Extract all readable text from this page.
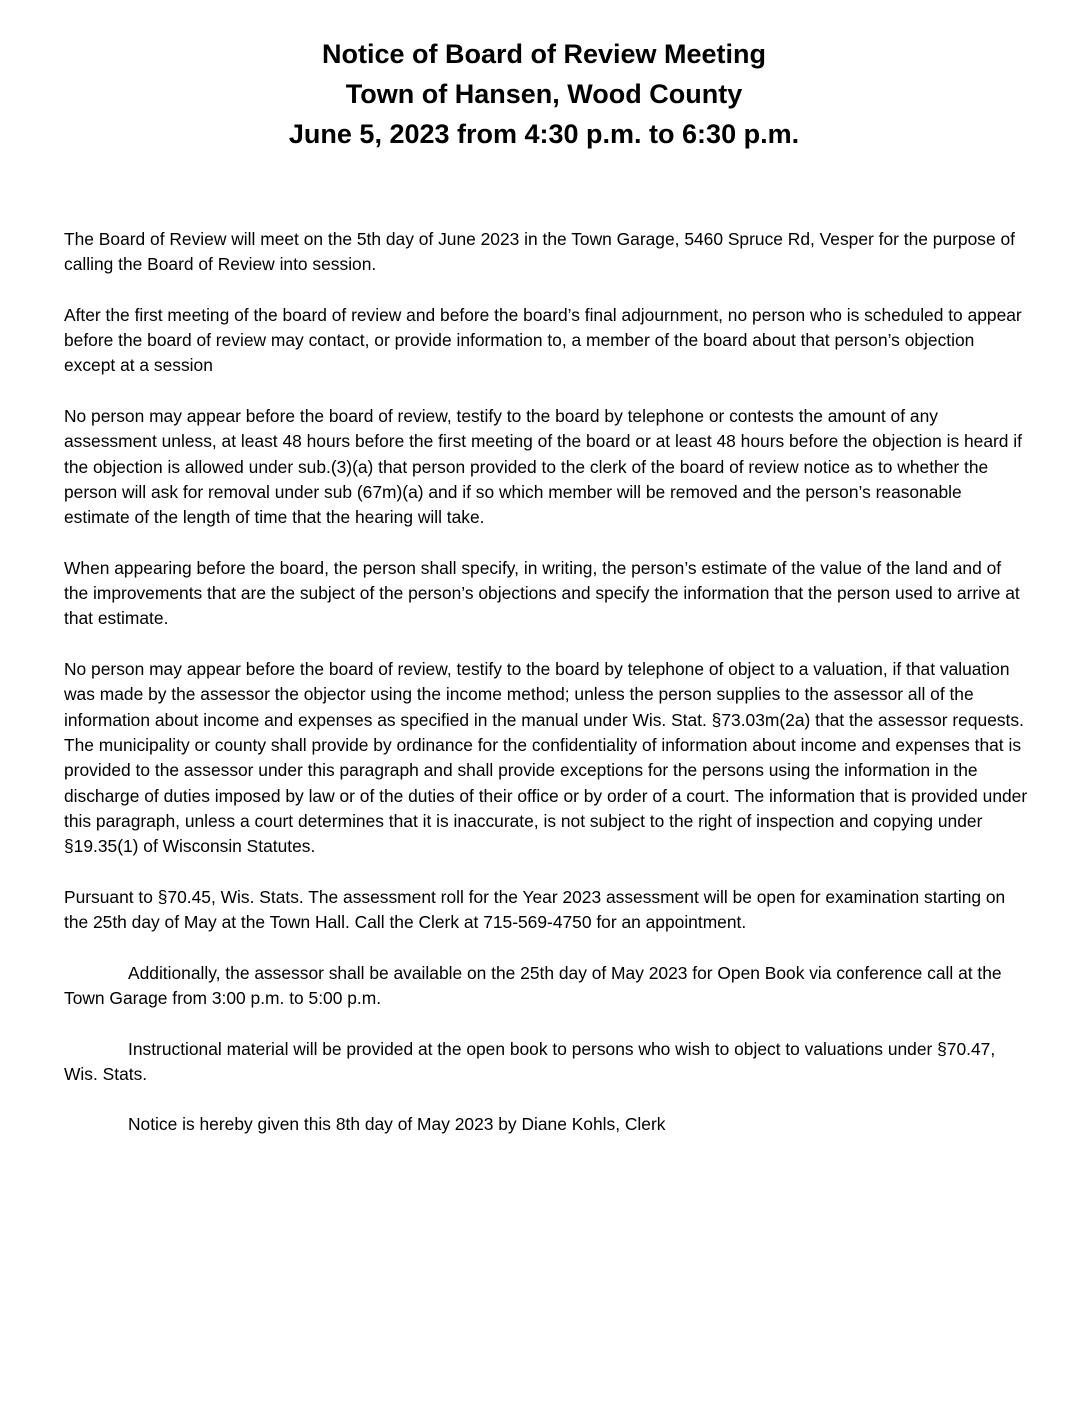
Notice of Board of Review Meeting

Town of Hansen, Wood County

June 5, 2023 from 4:30 p.m. to 6:30 p.m.

The Board of Review will meet on the 5th day of June 2023 in the Town Garage, 5460 Spruce Rd, Vesper for the purpose of calling the Board of Review into session.

After the first meeting of the board of review and before the board’s final adjournment, no person who is scheduled to appear before the board of review may contact, or provide information to, a member of the board about that person’s objection except at a session

No person may appear before the board of review, testify to the board by telephone or contests the amount of any assessment unless, at least 48 hours before the first meeting of the board or at least 48 hours before the objection is heard if the objection is allowed under sub.(3)(a) that person provided to the clerk of the board of review notice as to whether the person will ask for removal under sub (67m)(a) and if so which member will be removed and the person’s reasonable estimate of the length of time that the hearing will take.

When appearing before the board, the person shall specify, in writing, the person’s estimate of the value of the land and of the improvements that are the subject of the person’s objections and specify the information that the person used to arrive at that estimate.

No person may appear before the board of review, testify to the board by telephone of object to a valuation, if that valuation was made by the assessor the objector using the income method; unless the person supplies to the assessor all of the information about income and expenses as specified in the manual under Wis. Stat. §73.03m(2a) that the assessor requests. The municipality or county shall provide by ordinance for the confidentiality of information about income and expenses that is provided to the assessor under this paragraph and shall provide exceptions for the persons using the information in the discharge of duties imposed by law or of the duties of their office or by order of a court. The information that is provided under this paragraph, unless a court determines that it is inaccurate, is not subject to the right of inspection and copying under §19.35(1) of Wisconsin Statutes.

Pursuant to §70.45, Wis. Stats. The assessment roll for the Year 2023 assessment will be open for examination starting on the 25th day of May at the Town Hall. Call the Clerk at 715-569-4750 for an appointment.

Additionally, the assessor shall be available on the 25th day of May 2023 for Open Book via conference call at the Town Garage from 3:00 p.m. to 5:00 p.m.

Instructional material will be provided at the open book to persons who wish to object to valuations under §70.47, Wis. Stats.

Notice is hereby given this 8th day of May 2023 by Diane Kohls, Clerk
